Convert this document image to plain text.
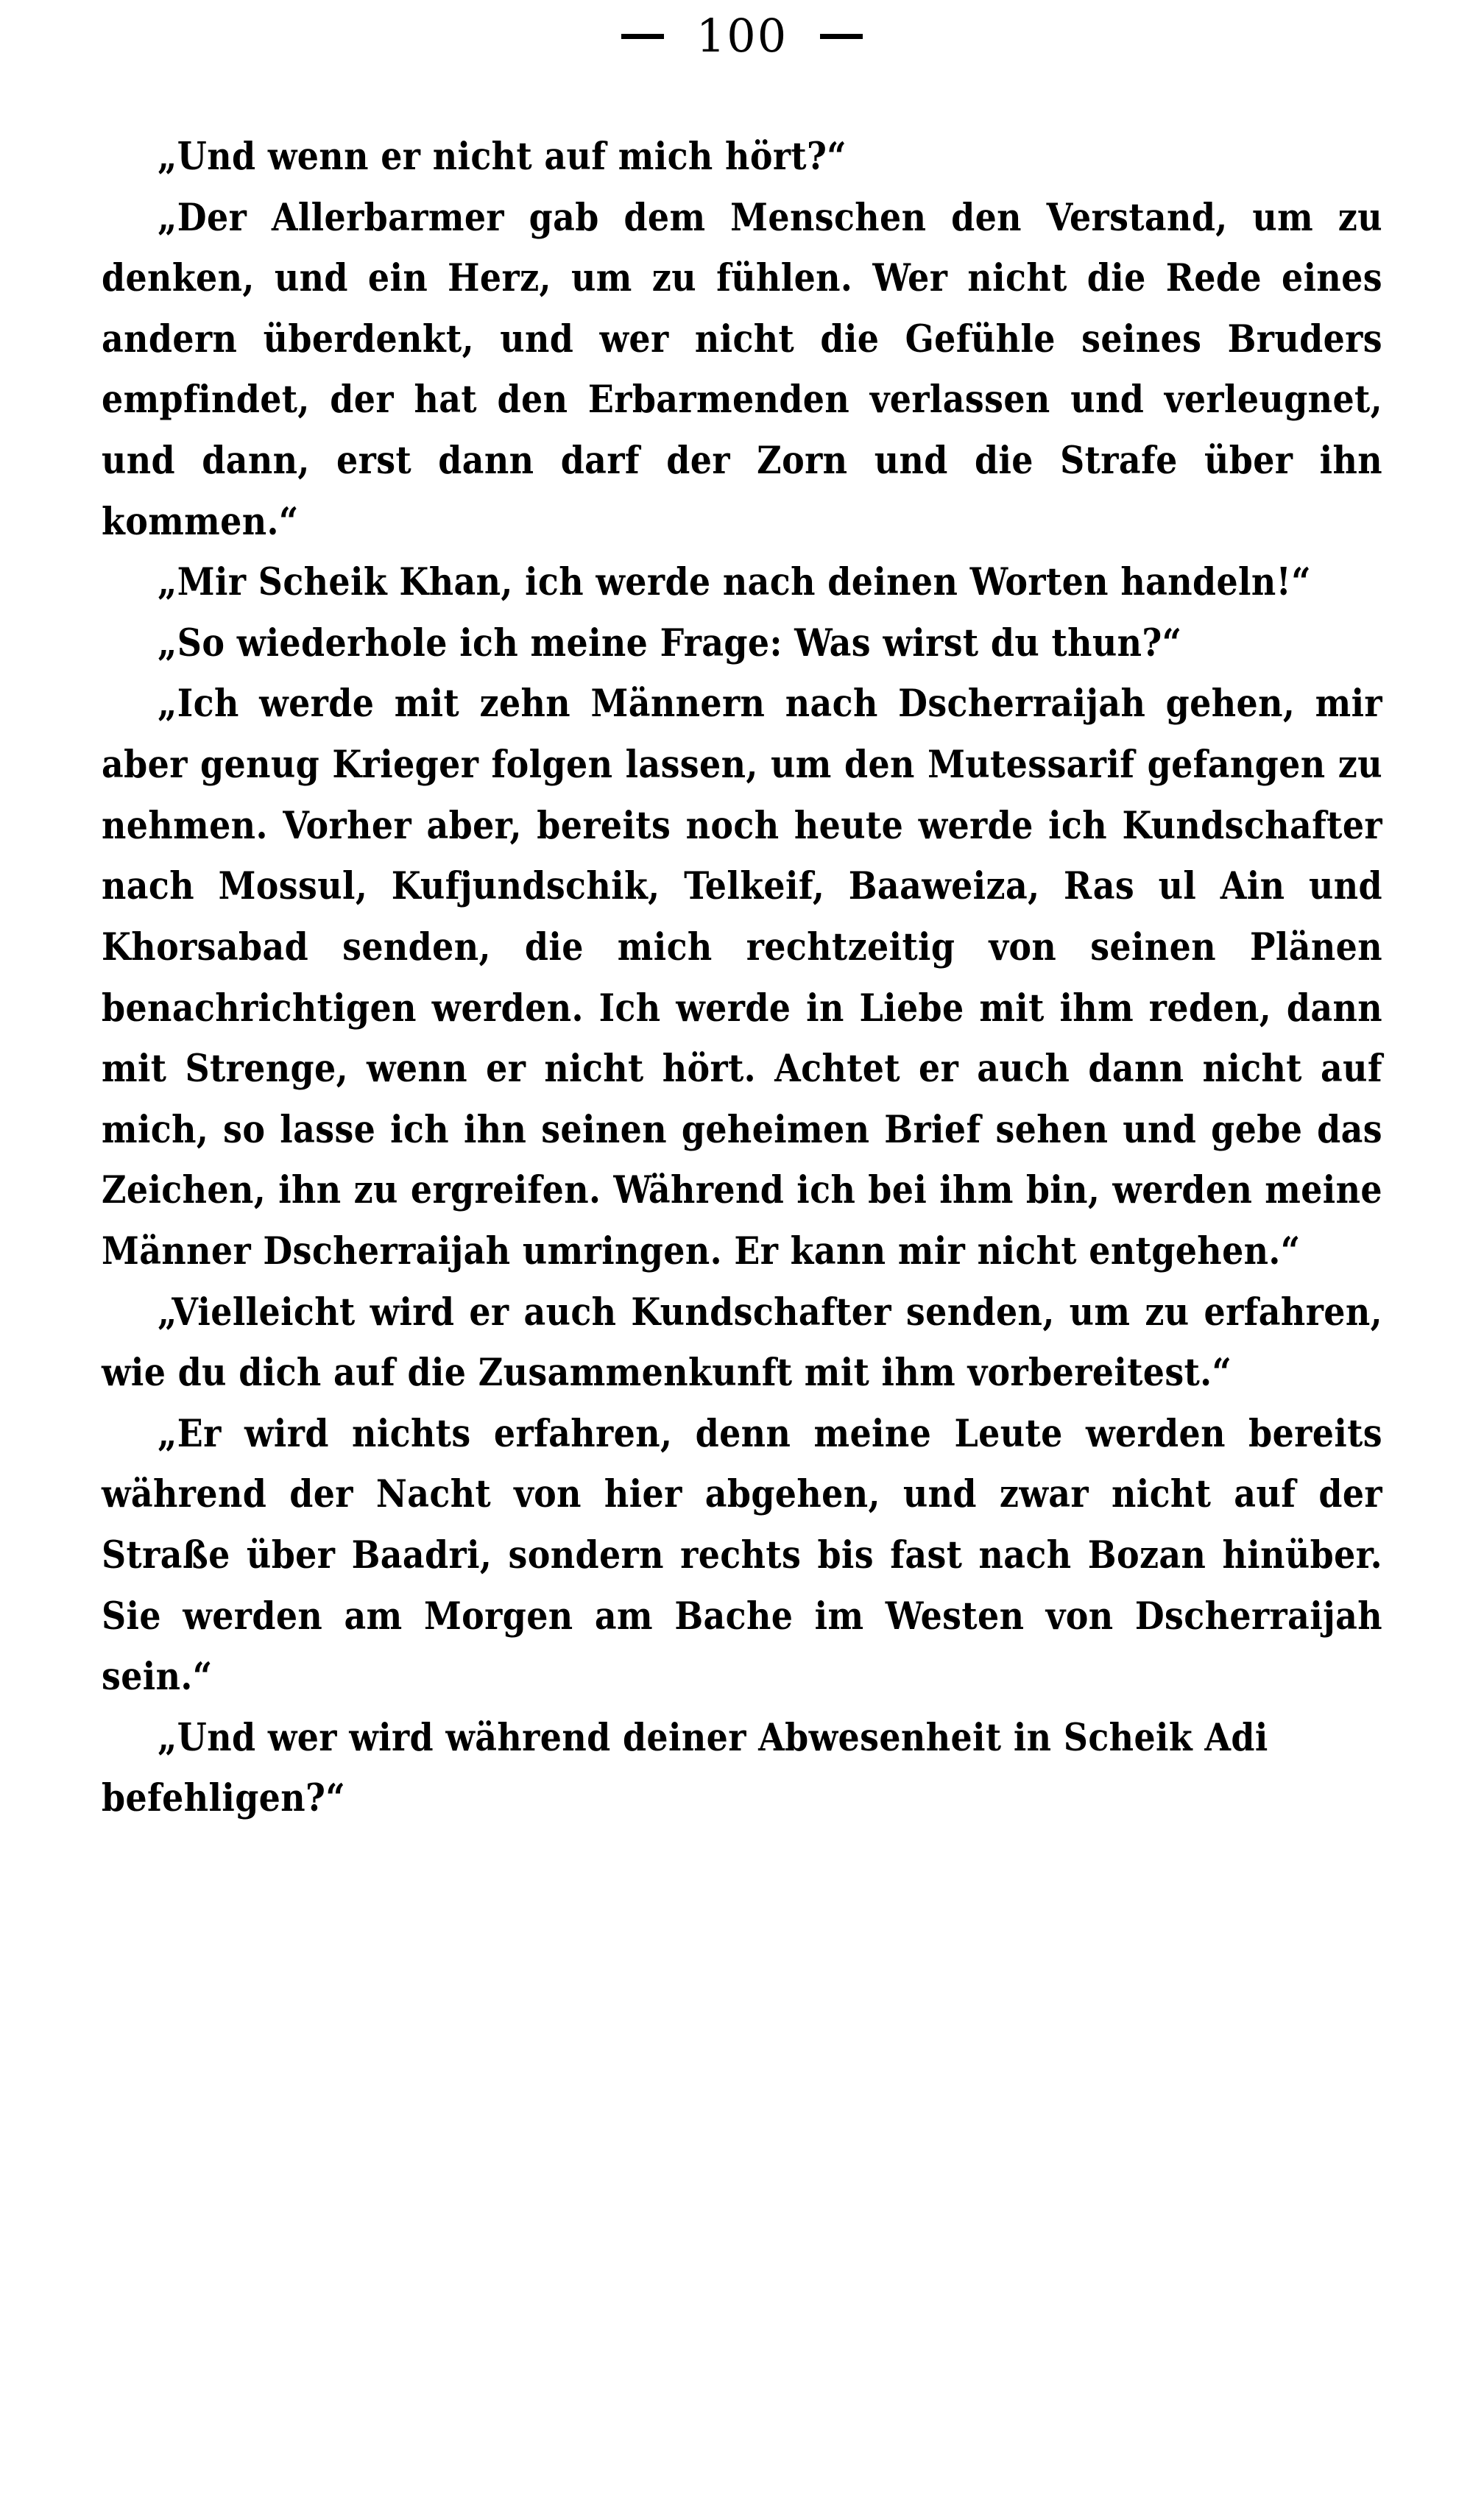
100

„Und wenn er nicht auf mich hört?“

„Der Allerbarmer gab dem Menschen den Verstand, um zu denken, und ein Herz, um zu fühlen. Wer nicht die Rede eines andern überdenkt, und wer nicht die Gefühle seines Bruders empfindet, der hat den Erbarmenden verlassen und verleugnet, und dann, erst dann darf der Zorn und die Strafe über ihn kommen.“

„Mir Scheik Khan, ich werde nach deinen Worten handeln!“

„So wiederhole ich meine Frage: Was wirst du thun?“

„Ich werde mit zehn Männern nach Dscherraijah gehen, mir aber genug Krieger folgen lassen, um den Mutessarif gefangen zu nehmen. Vorher aber, bereits noch heute werde ich Kundschafter nach Mossul, Kufjundschik, Telkeif, Baaweiza, Ras ul Ain und Khorsabad senden, die mich rechtzeitig von seinen Plänen benachrichtigen werden. Ich werde in Liebe mit ihm reden, dann mit Strenge, wenn er nicht hört. Achtet er auch dann nicht auf mich, so lasse ich ihn seinen geheimen Brief sehen und gebe das Zeichen, ihn zu ergreifen. Während ich bei ihm bin, werden meine Männer Dscherraijah umringen. Er kann mir nicht entgehen.“

„Vielleicht wird er auch Kundschafter senden, um zu erfahren, wie du dich auf die Zusammenkunft mit ihm vorbereitest.“

„Er wird nichts erfahren, denn meine Leute werden bereits während der Nacht von hier abgehen, und zwar nicht auf der Straße über Baadri, sondern rechts bis fast nach Bozan hinüber. Sie werden am Morgen am Bache im Westen von Dscherraijah sein.“

„Und wer wird während deiner Abwesenheit in Scheik Adi befehligen?“
